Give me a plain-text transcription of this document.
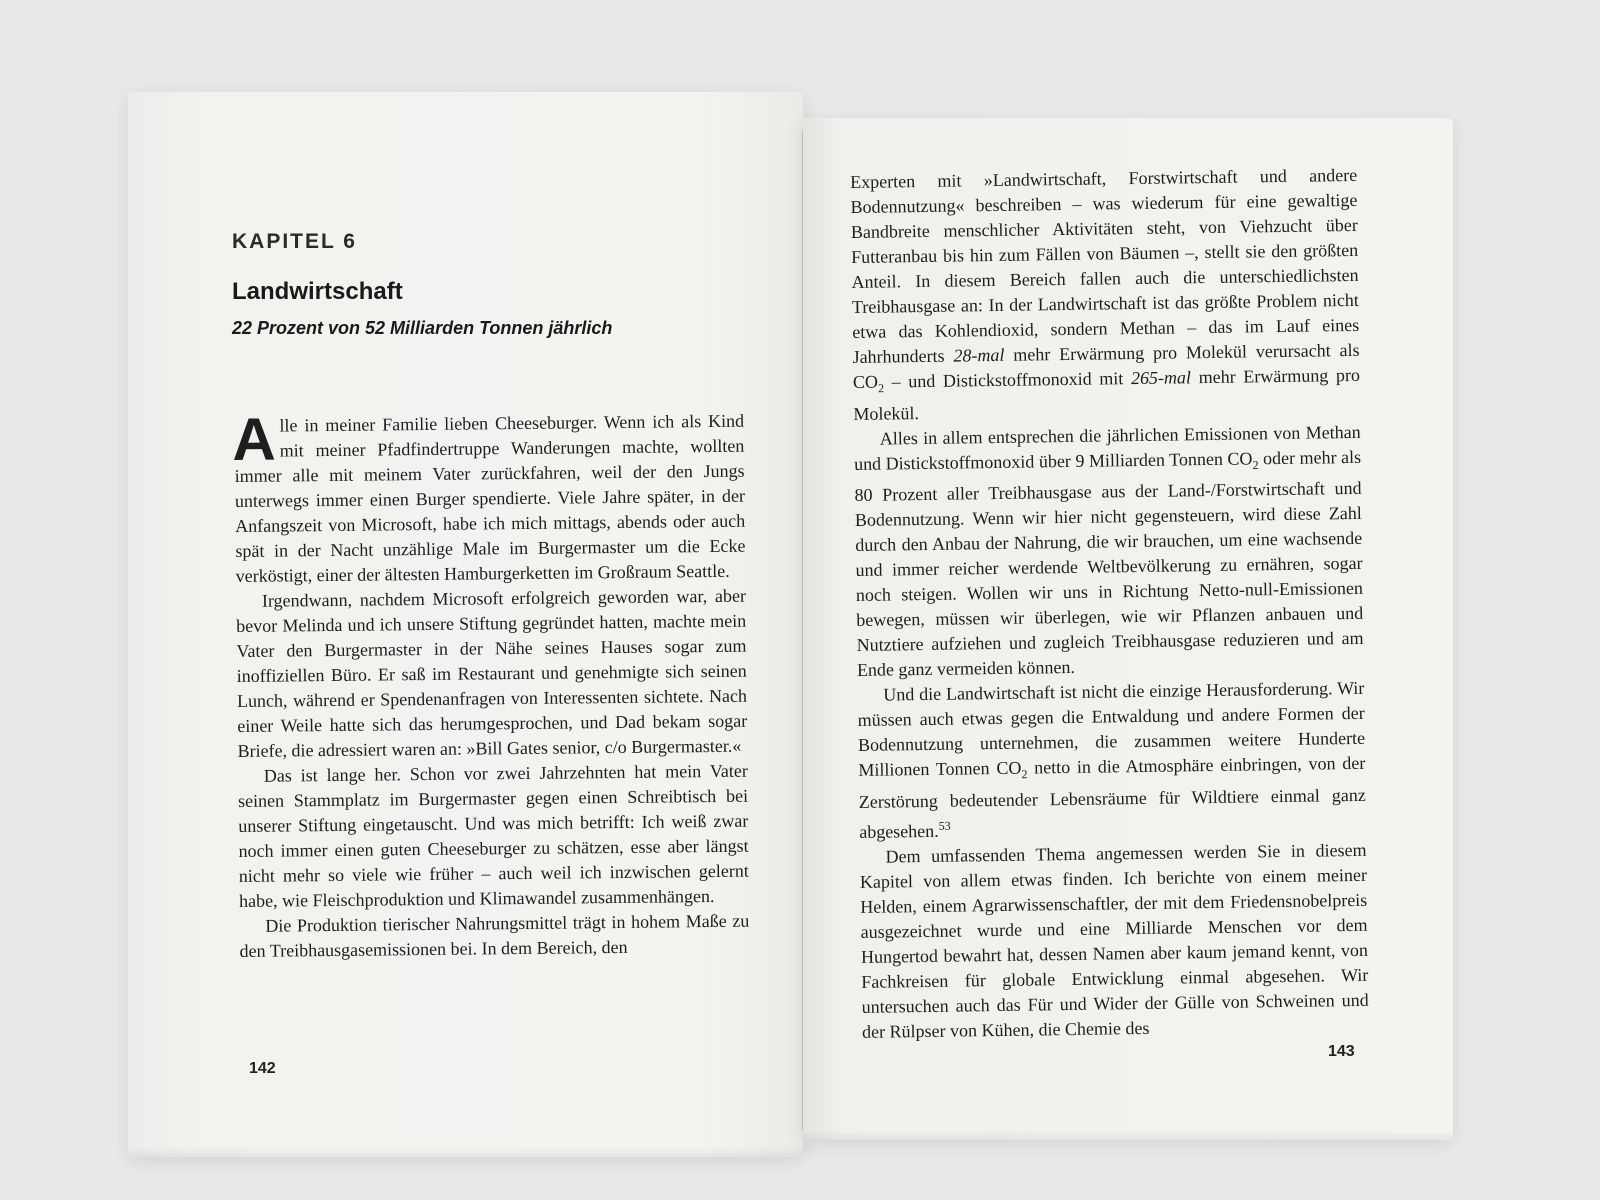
KAPITEL 6
Landwirtschaft
22 Prozent von 52 Milliarden Tonnen jährlich

Alle in meiner Familie lieben Cheeseburger. Wenn ich als Kind mit meiner Pfadfindertruppe Wanderungen machte, wollten immer alle mit meinem Vater zurückfahren, weil der den Jungs unterwegs immer einen Burger spendierte. Viele Jahre später, in der Anfangszeit von Microsoft, habe ich mich mittags, abends oder auch spät in der Nacht unzählige Male im Burgermaster um die Ecke verköstigt, einer der ältesten Hamburgerketten im Großraum Seattle.

Irgendwann, nachdem Microsoft erfolgreich geworden war, aber bevor Melinda und ich unsere Stiftung gegründet hatten, machte mein Vater den Burgermaster in der Nähe seines Hauses sogar zum inoffiziellen Büro. Er saß im Restaurant und genehmigte sich seinen Lunch, während er Spendenanfragen von Interessenten sichtete. Nach einer Weile hatte sich das herumgesprochen, und Dad bekam sogar Briefe, die adressiert waren an: »Bill Gates senior, c/o Burgermaster.«

Das ist lange her. Schon vor zwei Jahrzehnten hat mein Vater seinen Stammplatz im Burgermaster gegen einen Schreibtisch bei unserer Stiftung eingetauscht. Und was mich betrifft: Ich weiß zwar noch immer einen guten Cheeseburger zu schätzen, esse aber längst nicht mehr so viele wie früher – auch weil ich inzwischen gelernt habe, wie Fleischproduktion und Klimawandel zusammenhängen.

Die Produktion tierischer Nahrungsmittel trägt in hohem Maße zu den Treibhausgasemissionen bei. In dem Bereich, den

142

Experten mit »Landwirtschaft, Forstwirtschaft und andere Bodennutzung« beschreiben – was wiederum für eine gewaltige Bandbreite menschlicher Aktivitäten steht, von Viehzucht über Futteranbau bis hin zum Fällen von Bäumen –, stellt sie den größten Anteil. In diesem Bereich fallen auch die unterschiedlichsten Treibhausgase an: In der Landwirtschaft ist das größte Problem nicht etwa das Kohlendioxid, sondern Methan – das im Lauf eines Jahrhunderts 28-mal mehr Erwärmung pro Molekül verursacht als $CO_2$ – und Distickstoffmonoxid mit 265-mal mehr Erwärmung pro Molekül.

Alles in allem entsprechen die jährlichen Emissionen von Methan und Distickstoffmonoxid über 9 Milliarden Tonnen $CO_2$ oder mehr als 80 Prozent aller Treibhausgase aus der Land-/Forstwirtschaft und Bodennutzung. Wenn wir hier nicht gegensteuern, wird diese Zahl durch den Anbau der Nahrung, die wir brauchen, um eine wachsende und immer reicher werdende Weltbevölkerung zu ernähren, sogar noch steigen. Wollen wir uns in Richtung Netto-null-Emissionen bewegen, müssen wir überlegen, wie wir Pflanzen anbauen und Nutztiere aufziehen und zugleich Treibhausgase reduzieren und am Ende ganz vermeiden können.

Und die Landwirtschaft ist nicht die einzige Herausforderung. Wir müssen auch etwas gegen die Entwaldung und andere Formen der Bodennutzung unternehmen, die zusammen weitere Hunderte Millionen Tonnen $CO_2$ netto in die Atmosphäre einbringen, von der Zerstörung bedeutender Lebensräume für Wildtiere einmal ganz abgesehen.$^{53}$

Dem umfassenden Thema angemessen werden Sie in diesem Kapitel von allem etwas finden. Ich berichte von einem meiner Helden, einem Agrarwissenschaftler, der mit dem Friedensnobelpreis ausgezeichnet wurde und eine Milliarde Menschen vor dem Hungertod bewahrt hat, dessen Namen aber kaum jemand kennt, von Fachkreisen für globale Entwicklung einmal abgesehen. Wir untersuchen auch das Für und Wider der Gülle von Schweinen und der Rülpser von Kühen, die Chemie des

143
